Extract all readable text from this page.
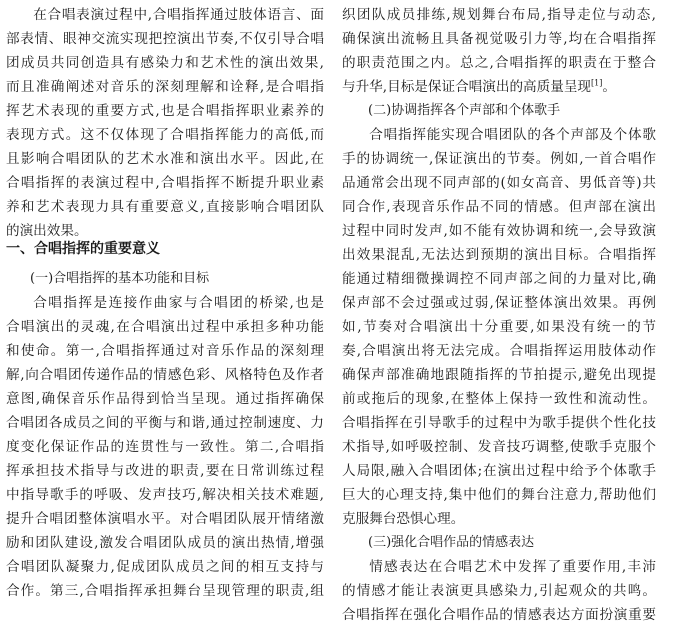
在合唱表演过程中,合唱指挥通过肢体语言、面
部表情、眼神交流实现把控演出节奏,不仅引导合唱
团成员共同创造具有感染力和艺术性的演出效果,
而且准确阐述对音乐的深刻理解和诠释,是合唱指
挥艺术表现的重要方式,也是合唱指挥职业素养的
表现方式。这不仅体现了合唱指挥能力的高低,而
且影响合唱团队的艺术水准和演出水平。因此,在
合唱指挥的表演过程中,合唱指挥不断提升职业素
养和艺术表现力具有重要意义,直接影响合唱团队
的演出效果。
一、合唱指挥的重要意义
(一)合唱指挥的基本功能和目标
合唱指挥是连接作曲家与合唱团的桥梁,也是
合唱演出的灵魂,在合唱演出过程中承担多种功能
和使命。第一,合唱指挥通过对音乐作品的深刻理
解,向合唱团传递作品的情感色彩、风格特色及作者
意图,确保音乐作品得到恰当呈现。通过指挥确保
合唱团各成员之间的平衡与和谐,通过控制速度、力
度变化保证作品的连贯性与一致性。第二,合唱指
挥承担技术指导与改进的职责,要在日常训练过程
中指导歌手的呼吸、发声技巧,解决相关技术难题,
提升合唱团整体演唱水平。对合唱团队展开情绪激
励和团队建设,激发合唱团队成员的演出热情,增强
合唱团队凝聚力,促成团队成员之间的相互支持与
合作。第三,合唱指挥承担舞台呈现管理的职责,组
织团队成员排练,规划舞台布局,指导走位与动态,
确保演出流畅且具备视觉吸引力等,均在合唱指挥
的职责范围之内。总之,合唱指挥的职责在于整合
与升华,目标是保证合唱演出的高质量呈现[1]。
(二)协调指挥各个声部和个体歌手
合唱指挥能实现合唱团队的各个声部及个体歌
手的协调统一,保证演出的节奏。例如,一首合唱作
品通常会出现不同声部的(如女高音、男低音等)共
同合作,表现音乐作品不同的情感。但声部在演出
过程中同时发声,如不能有效协调和统一,会导致演
出效果混乱,无法达到预期的演出目标。合唱指挥
能通过精细微操调控不同声部之间的力量对比,确
保声部不会过强或过弱,保证整体演出效果。再例
如,节奏对合唱演出十分重要,如果没有统一的节
奏,合唱演出将无法完成。合唱指挥运用肢体动作
确保声部准确地跟随指挥的节拍提示,避免出现提
前或拖后的现象,在整体上保持一致性和流动性。
合唱指挥在引导歌手的过程中为歌手提供个性化技
术指导,如呼吸控制、发音技巧调整,使歌手克服个
人局限,融入合唱团体;在演出过程中给予个体歌手
巨大的心理支持,集中他们的舞台注意力,帮助他们
克服舞台恐惧心理。
(三)强化合唱作品的情感表达
情感表达在合唱艺术中发挥了重要作用,丰沛
的情感才能让表演更具感染力,引起观众的共鸣。
合唱指挥在强化合唱作品的情感表达方面扮演重要
